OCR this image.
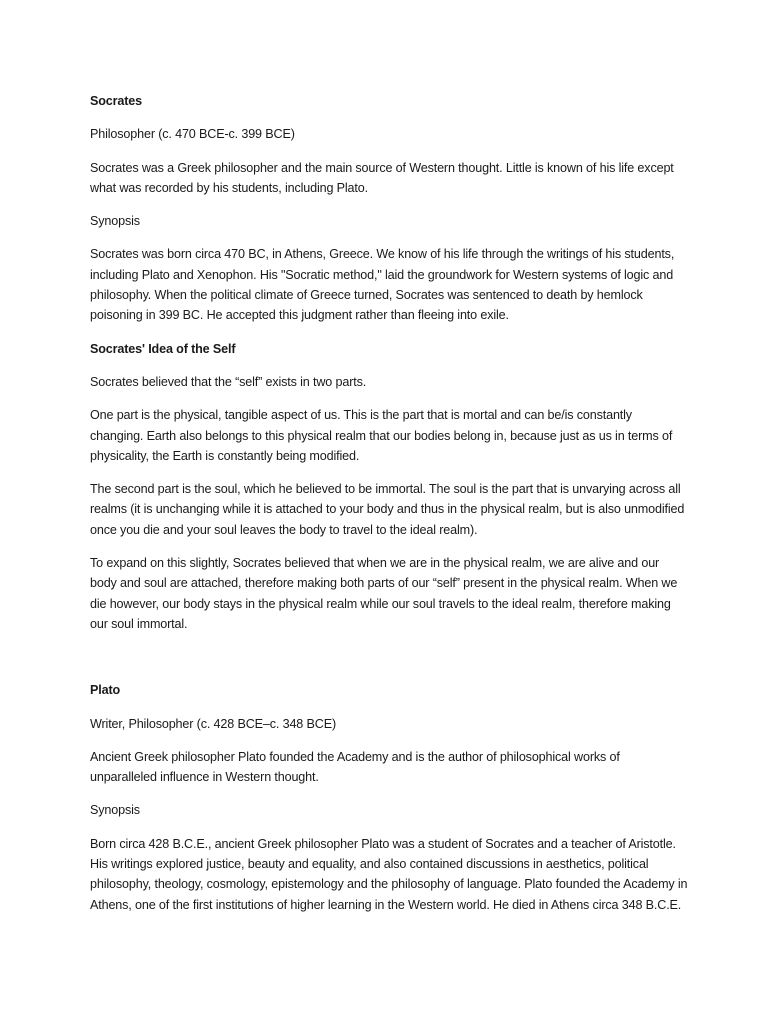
Socrates

Philosopher (c. 470 BCE-c. 399 BCE)

Socrates was a Greek philosopher and the main source of Western thought. Little is known of his life except what was recorded by his students, including Plato.

Synopsis

Socrates was born circa 470 BC, in Athens, Greece. We know of his life through the writings of his students, including Plato and Xenophon. His "Socratic method," laid the groundwork for Western systems of logic and philosophy. When the political climate of Greece turned, Socrates was sentenced to death by hemlock poisoning in 399 BC. He accepted this judgment rather than fleeing into exile.

Socrates' Idea of the Self

Socrates believed that the “self” exists in two parts.

One part is the physical, tangible aspect of us. This is the part that is mortal and can be/is constantly changing. Earth also belongs to this physical realm that our bodies belong in, because just as us in terms of physicality, the Earth is constantly being modified.

The second part is the soul, which he believed to be immortal. The soul is the part that is unvarying across all realms (it is unchanging while it is attached to your body and thus in the physical realm, but is also unmodified once you die and your soul leaves the body to travel to the ideal realm).

To expand on this slightly, Socrates believed that when we are in the physical realm, we are alive and our body and soul are attached, therefore making both parts of our “self” present in the physical realm. When we die however, our body stays in the physical realm while our soul travels to the ideal realm, therefore making our soul immortal.

Plato

Writer, Philosopher (c. 428 BCE–c. 348 BCE)

Ancient Greek philosopher Plato founded the Academy and is the author of philosophical works of unparalleled influence in Western thought.

Synopsis

Born circa 428 B.C.E., ancient Greek philosopher Plato was a student of Socrates and a teacher of Aristotle. His writings explored justice, beauty and equality, and also contained discussions in aesthetics, political philosophy, theology, cosmology, epistemology and the philosophy of language. Plato founded the Academy in Athens, one of the first institutions of higher learning in the Western world. He died in Athens circa 348 B.C.E.
